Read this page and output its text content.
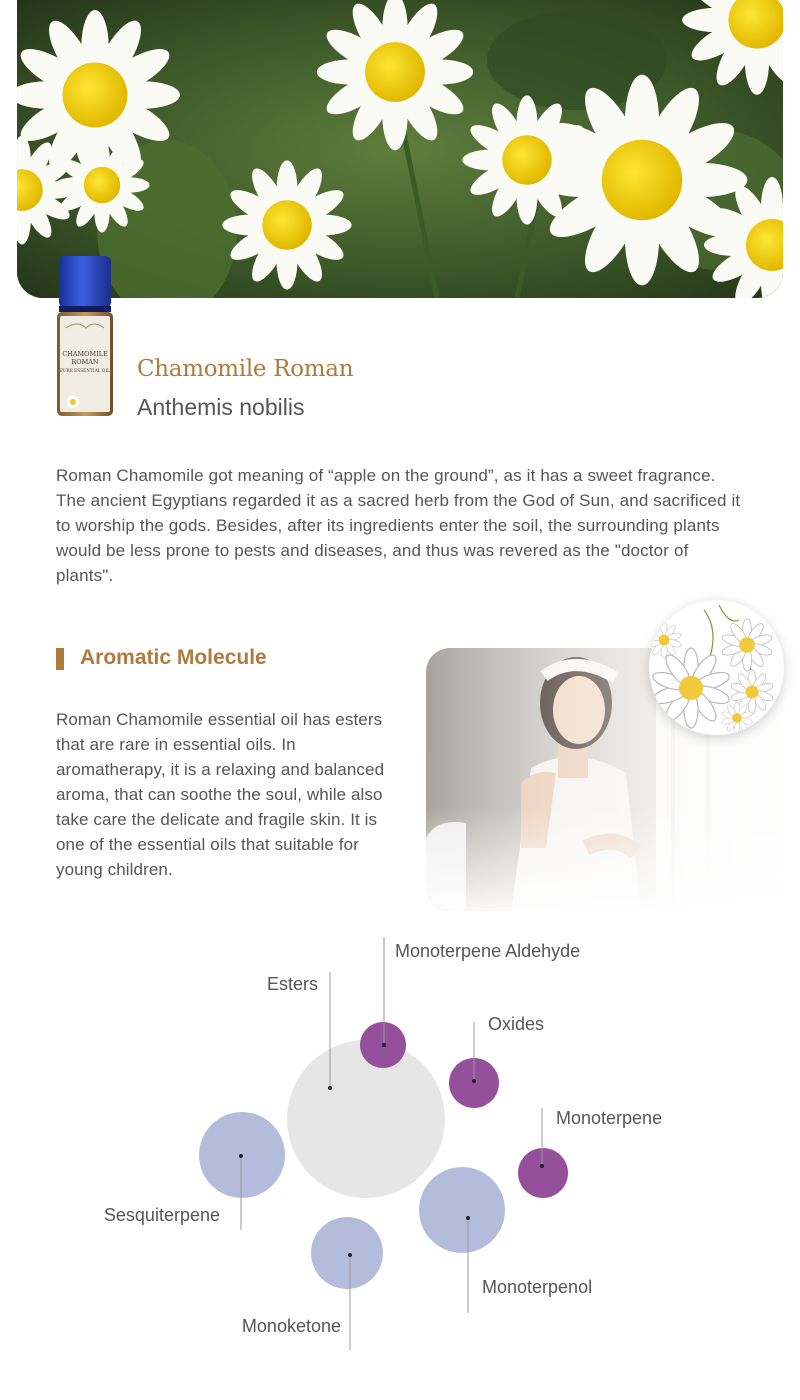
CHAMOMILE
ROMAN
PURE ESSENTIAL OIL Chamomile Roman
Anthemis nobilis
Roman Chamomile got meaning of “apple on the ground”, as it has a sweet fragrance. The ancient Egyptians regarded it as a sacred herb from the God of Sun, and sacrificed it to worship the gods. Besides, after its ingredients enter the soil, the surrounding plants would be less prone to pests and diseases, and thus was revered as the "doctor of plants".
Aromatic Molecule
Roman Chamomile essential oil has esters that are rare in essential oils. In aromatherapy, it is a relaxing and balanced aroma, that can soothe the soul, while also take care the delicate and fragile skin. It is one of the essential oils that suitable for young children.
Esters
Monoterpene Aldehyde
Oxides
Monoterpene
Sesquiterpene
Monoterpenol
Monoketone
